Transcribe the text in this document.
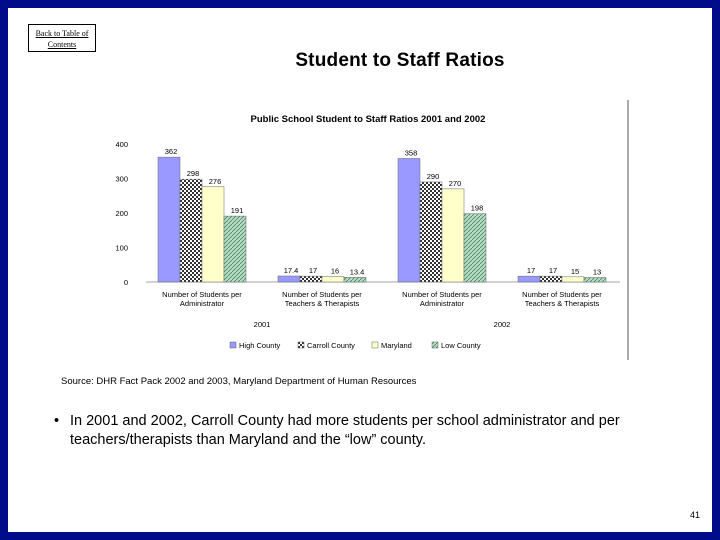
Back to Table of Contents
Student to Staff Ratios
Public School Student to Staff Ratios 2001 and 2002
0
100
200
300
400
362
298
276
191
Number of Students per
Administrator
17.4 17 16 13.4
Number of Students per
Teachers & Therapists
358
290
270
198
Number of Students per
Administrator
17 17 15 13
Number of Students per
Teachers & Therapists
2001	2002
High County	Carroll County	Maryland	Low County
Source: DHR Fact Pack 2002 and 2003, Maryland Department of Human Resources
• In 2001 and 2002, Carroll County had more students per school administrator and per teachers/therapists than Maryland and the “low” county.
41
